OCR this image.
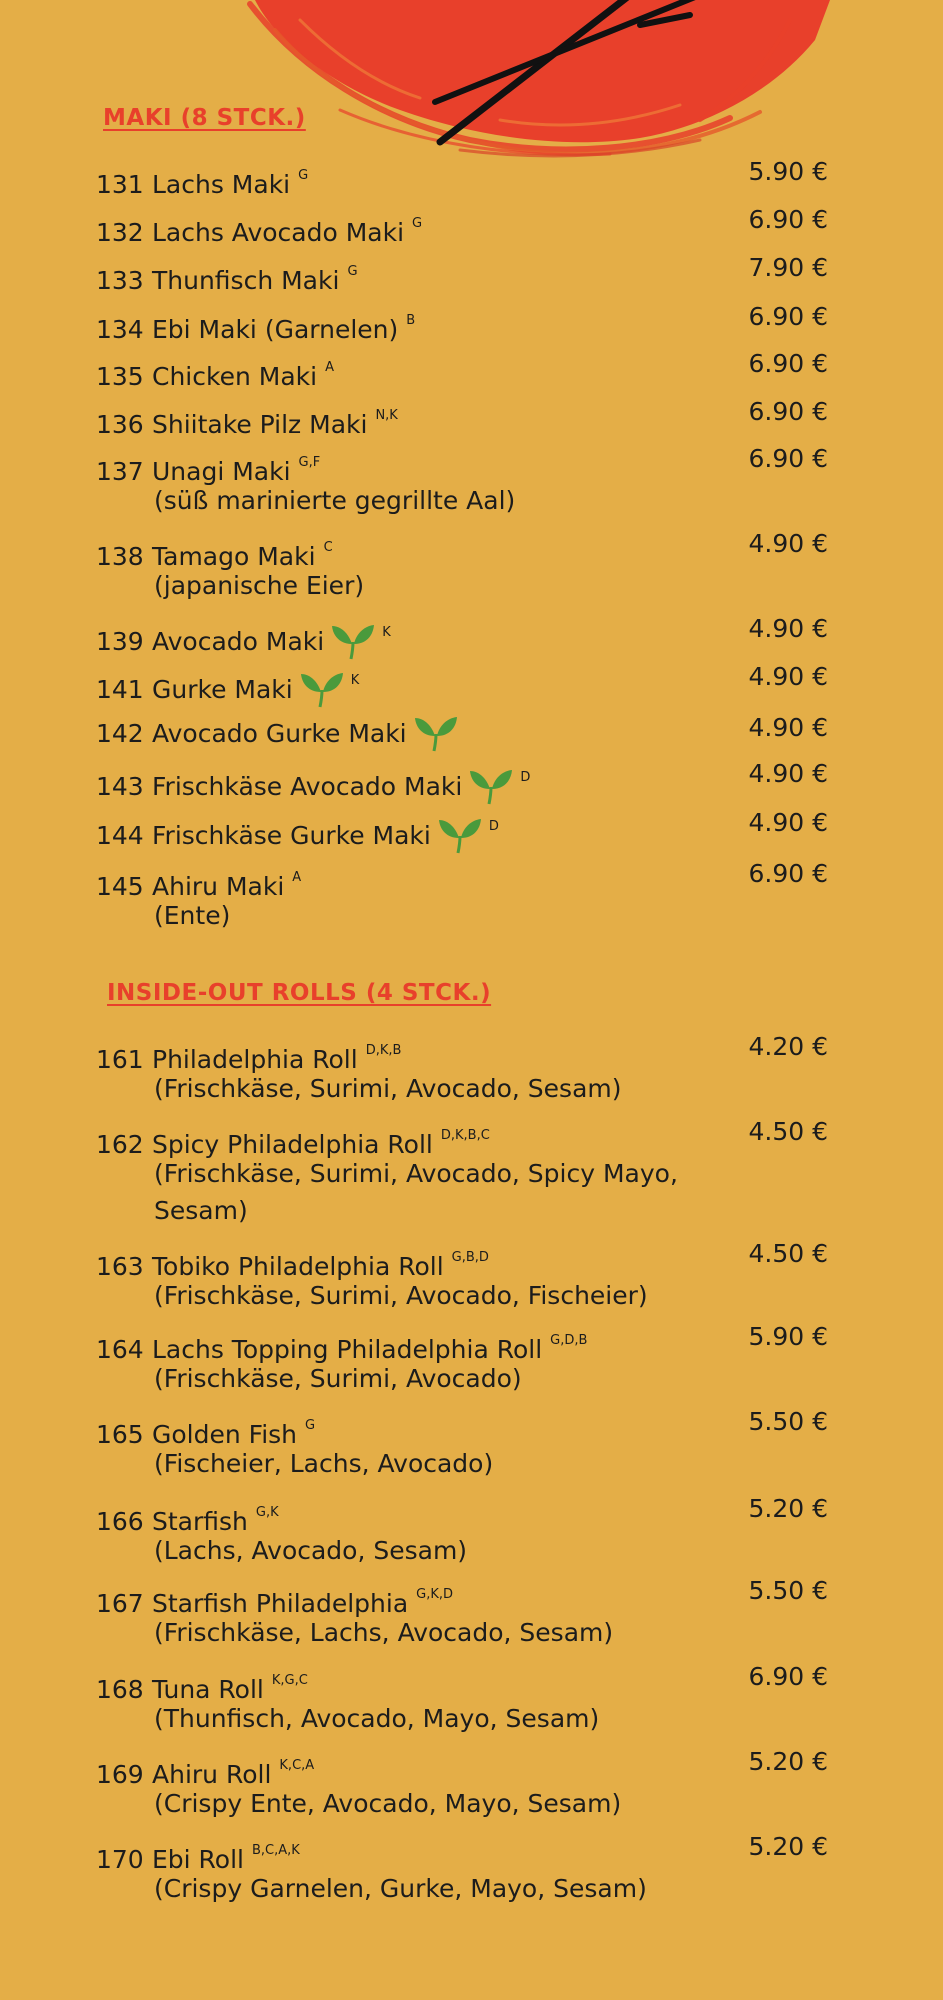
MAKI (8 STCK.)
131 Lachs Maki $^G$	5.90 €
132 Lachs Avocado Maki $^G$	6.90 €
133 Thunfisch Maki $^G$	7.90 €
134 Ebi Maki (Garnelen) $^B$	6.90 €
135 Chicken Maki $^A$	6.90 €
136 Shiitake Pilz Maki $^{N,K}$	6.90 €
137 Unagi Maki $^{G,F}$	6.90 €
(süß marinierte gegrillte Aal)
138 Tamago Maki $^C$	4.90 €
(japanische Eier)
139 Avocado Maki	$^K$	4.90 €
141 Gurke Maki	$^K$	4.90 €
142 Avocado Gurke Maki	4.90 €
143 Frischkäse Avocado Maki	$^D$	4.90 €
144 Frischkäse Gurke Maki	$^D$	4.90 €
145 Ahiru Maki $^A$	6.90 €
(Ente)
INSIDE-OUT ROLLS (4 STCK.)
161 Philadelphia Roll $^{D,K,B}$	4.20 €
(Frischkäse, Surimi, Avocado, Sesam)
162 Spicy Philadelphia Roll $^{D,K,B,C}$	4.50 €
(Frischkäse, Surimi, Avocado, Spicy Mayo,
Sesam)
163 Tobiko Philadelphia Roll $^{G,B,D}$	4.50 €
(Frischkäse, Surimi, Avocado, Fischeier)
164 Lachs Topping Philadelphia Roll $^{G,D,B}$	5.90 €
(Frischkäse, Surimi, Avocado)
165 Golden Fish $^G$	5.50 €
(Fischeier, Lachs, Avocado)
166 Starfish $^{G,K}$	5.20 €
(Lachs, Avocado, Sesam)
167 Starfish Philadelphia $^{G,K,D}$	5.50 €
(Frischkäse, Lachs, Avocado, Sesam)
168 Tuna Roll $^{K,G,C}$	6.90 €
(Thunfisch, Avocado, Mayo, Sesam)
169 Ahiru Roll $^{K,C,A}$	5.20 €
(Crispy Ente, Avocado, Mayo, Sesam)
170 Ebi Roll $^{B,C,A,K}$	5.20 €
(Crispy Garnelen, Gurke, Mayo, Sesam)
